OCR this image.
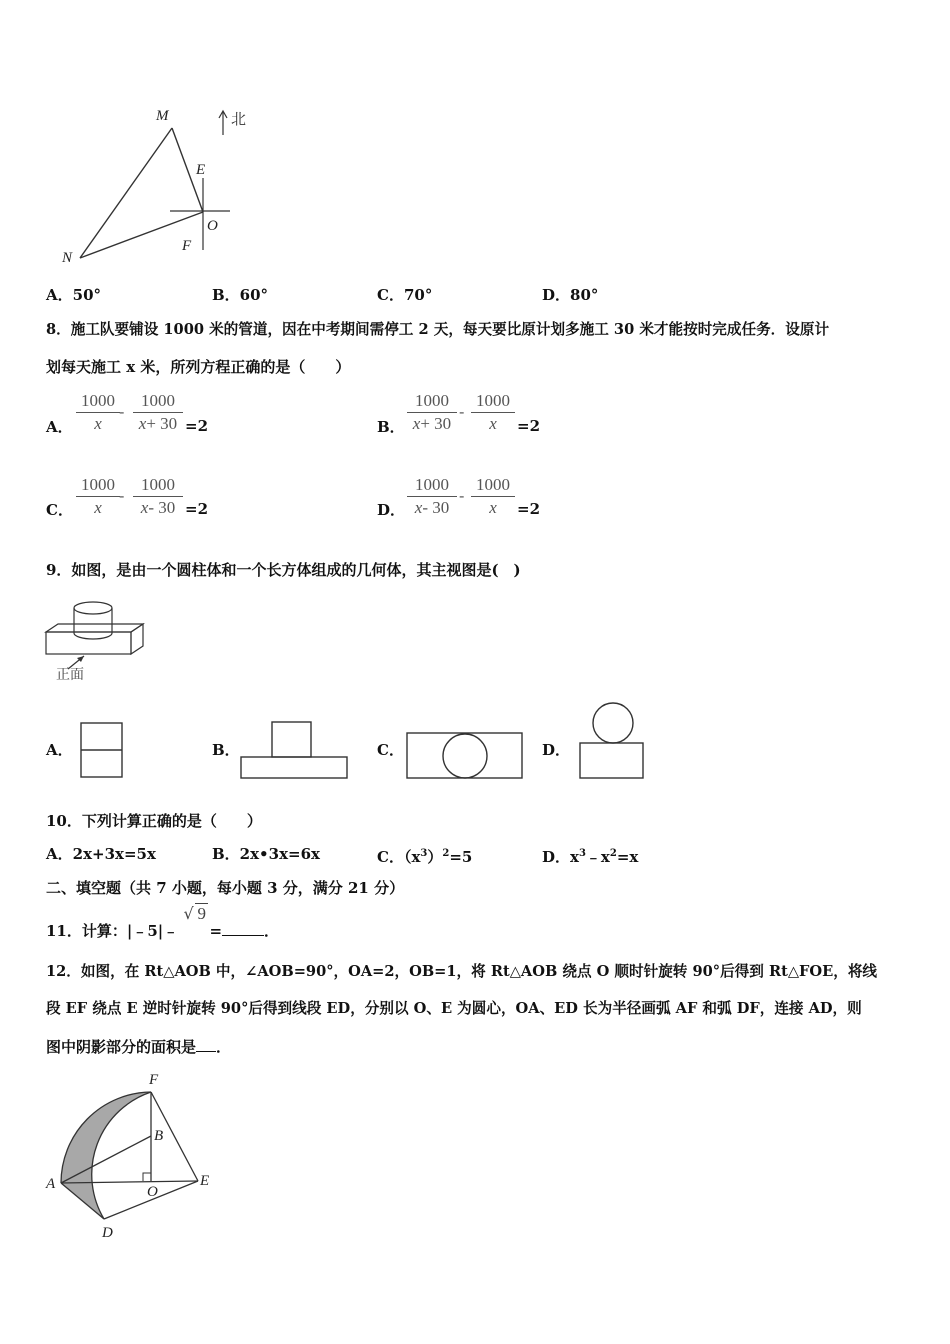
M
N
E
O
F
北
A．50°	B．60°	C．70°	D．80°
8．施工队要铺设 1000 米的管道，因在中考期间需停工 2 天，每天要比原计划多施工 30 米才能按时完成任务．设原计
划每天施工 x 米，所列方程正确的是（　　）
A． $\frac{1000}{x} - \frac{1000}{x+ 30} =2$	B． $\frac{1000}{x+ 30} - \frac{1000}{x} =2$
C． $\frac{1000}{x} - \frac{1000}{x- 30} =2$	D． $\frac{1000}{x- 30} - \frac{1000}{x} =2$
9．如图，是由一个圆柱体和一个长方体组成的几何体，其主视图是(　)
正面
A．	B．	C．	D．
10．下列计算正确的是（　　）
A．2x+3x=5x	B．2x•3x=6x	C．$(x^3)^2=5$	D．$x^3﹣x^2=x$
二、填空题（共 7 小题，每小题 3 分，满分 21 分）
11．计算：|﹣5|﹣
√ 9
=	．
12．如图，在 Rt△AOB 中，∠AOB=90°，OA=2，OB=1，将 Rt△AOB 绕点 O 顺时针旋转 90°后得到 Rt△FOE，将线
段 EF 绕点 E 逆时针旋转 90°后得到线段 ED，分别以 O、E 为圆心，OA、ED 长为半径画弧 AF 和弧 DF，连接 AD，则
图中阴影部分的面积是 ．
F
B
A	O
E
D
